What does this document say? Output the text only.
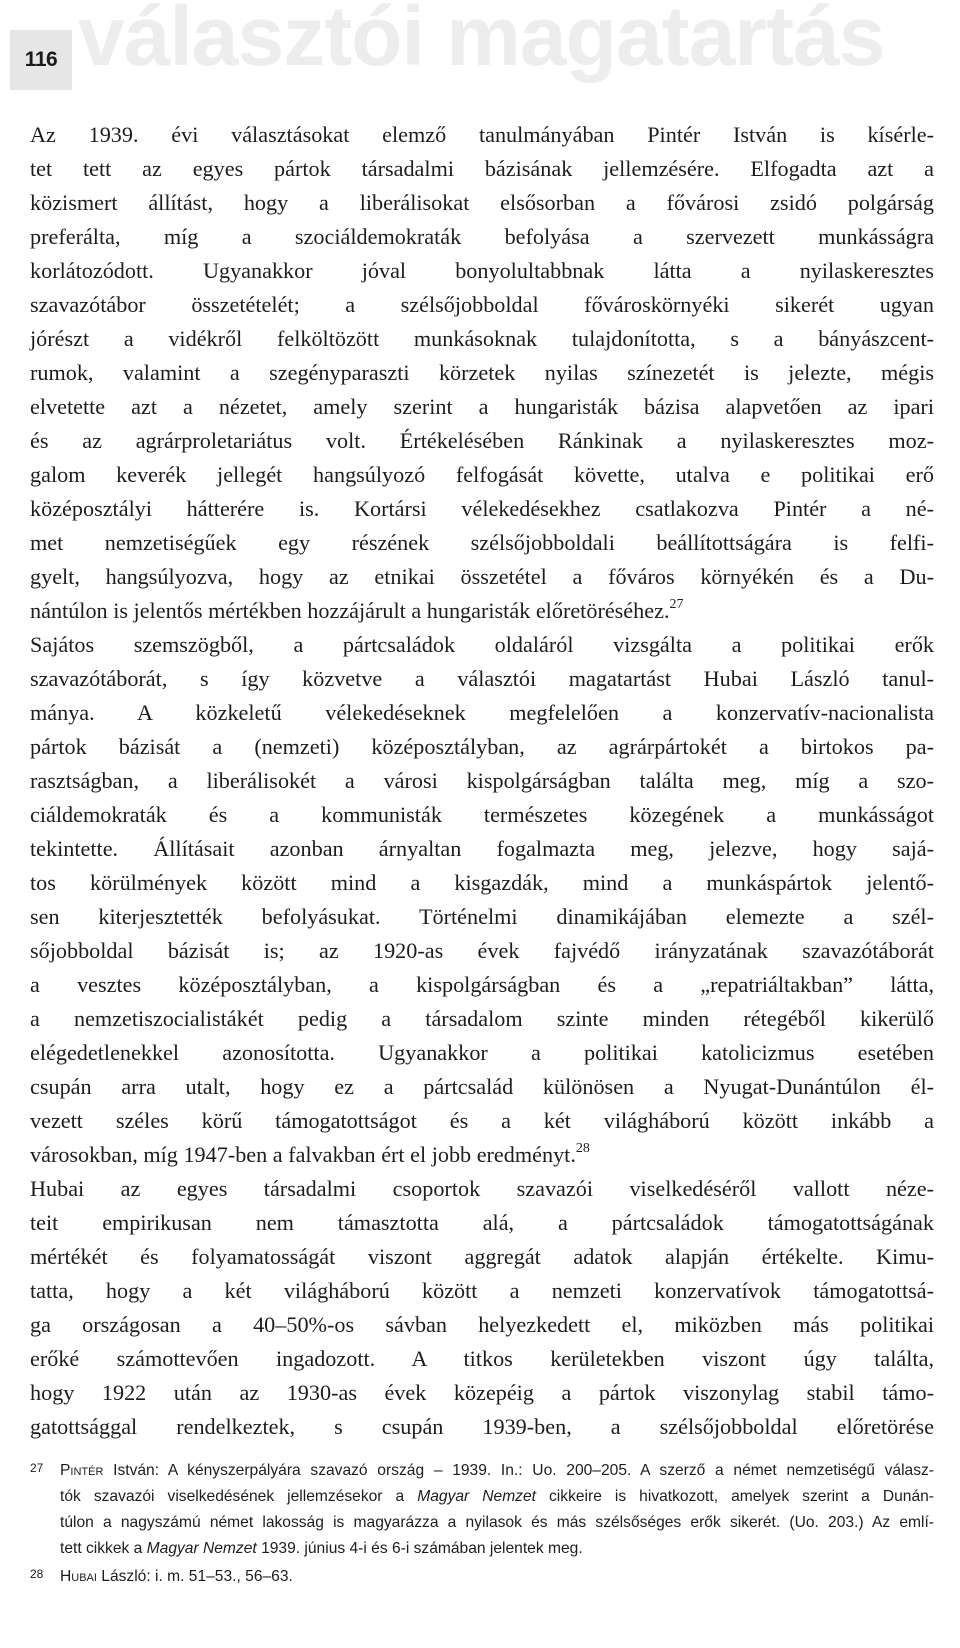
választói magatartás
116
Az 1939. évi választásokat elemző tanulmányában Pintér István is kísérle-
tet tett az egyes pártok társadalmi bázisának jellemzésére. Elfogadta azt a
közismert állítást, hogy a liberálisokat elsősorban a fővárosi zsidó polgárság
preferálta, míg a szociáldemokraták befolyása a szervezett munkásságra
korlátozódott. Ugyanakkor jóval bonyolultabbnak látta a nyilaskeresztes
szavazótábor összetételét; a szélsőjobboldal fővároskörnyéki sikerét ugyan
jórészt a vidékről felköltözött munkásoknak tulajdonította, s a bányászcent-
rumok, valamint a szegényparaszti körzetek nyilas színezetét is jelezte, mégis
elvetette azt a nézetet, amely szerint a hungaristák bázisa alapvetően az ipari
és az agrárproletariátus volt. Értékelésében Ránkinak a nyilaskeresztes moz-
galom keverék jellegét hangsúlyozó felfogását követte, utalva e politikai erő
középosztályi hátterére is. Kortársi vélekedésekhez csatlakozva Pintér a né-
met nemzetiségűek egy részének szélsőjobboldali beállítottságára is felfi-
gyelt, hangsúlyozva, hogy az etnikai összetétel a főváros környékén és a Du-
nántúlon is jelentős mértékben hozzájárult a hungaristák előretöréséhez.$^{27}$
Sajátos szemszögből, a pártcsaládok oldaláról vizsgálta a politikai erők
szavazótáborát, s így közvetve a választói magatartást Hubai László tanul-
mánya. A közkeletű vélekedéseknek megfelelően a konzervatív-nacionalista
pártok bázisát a (nemzeti) középosztályban, az agrárpártokét a birtokos pa-
rasztságban, a liberálisokét a városi kispolgárságban találta meg, míg a szo-
ciáldemokraták és a kommunisták természetes közegének a munkásságot
tekintette. Állításait azonban árnyaltan fogalmazta meg, jelezve, hogy sajá-
tos körülmények között mind a kisgazdák, mind a munkáspártok jelentő-
sen kiterjesztették befolyásukat. Történelmi dinamikájában elemezte a szél-
sőjobboldal bázisát is; az 1920-as évek fajvédő irányzatának szavazótáborát
a vesztes középosztályban, a kispolgárságban és a „repatriáltakban” látta,
a nemzetiszocialistákét pedig a társadalom szinte minden rétegéből kikerülő
elégedetlenekkel azonosította. Ugyanakkor a politikai katolicizmus esetében
csupán arra utalt, hogy ez a pártcsalád különösen a Nyugat-Dunántúlon él-
vezett széles körű támogatottságot és a két világháború között inkább a
városokban, míg 1947-ben a falvakban ért el jobb eredményt.$^{28}$
Hubai az egyes társadalmi csoportok szavazói viselkedéséről vallott néze-
teit empirikusan nem támasztotta alá, a pártcsaládok támogatottságának
mértékét és folyamatosságát viszont aggregát adatok alapján értékelte. Kimu-
tatta, hogy a két világháború között a nemzeti konzervatívok támogatottsá-
ga országosan a 40–50%-os sávban helyezkedett el, miközben más politikai
erőké számottevően ingadozott. A titkos kerületekben viszont úgy találta,
hogy 1922 után az 1930-as évek közepéig a pártok viszonylag stabil támo-
gatottsággal rendelkeztek, s csupán 1939-ben, a szélsőjobboldal előretörése
27 Pintér István: A kényszerpályára szavazó ország – 1939. In.: Uo. 200–205. A szerző a német nemzetiségű válasz-
tók szavazói viselkedésének jellemzésekor a Magyar Nemzet cikkeire is hivatkozott, amelyek szerint a Dunán-
túlon a nagyszámú német lakosság is magyarázza a nyilasok és más szélsőséges erők sikerét. (Uo. 203.) Az emlí-
tett cikkek a Magyar Nemzet 1939. június 4-i és 6-i számában jelentek meg.
28 Hubai László: i. m. 51–53., 56–63.
